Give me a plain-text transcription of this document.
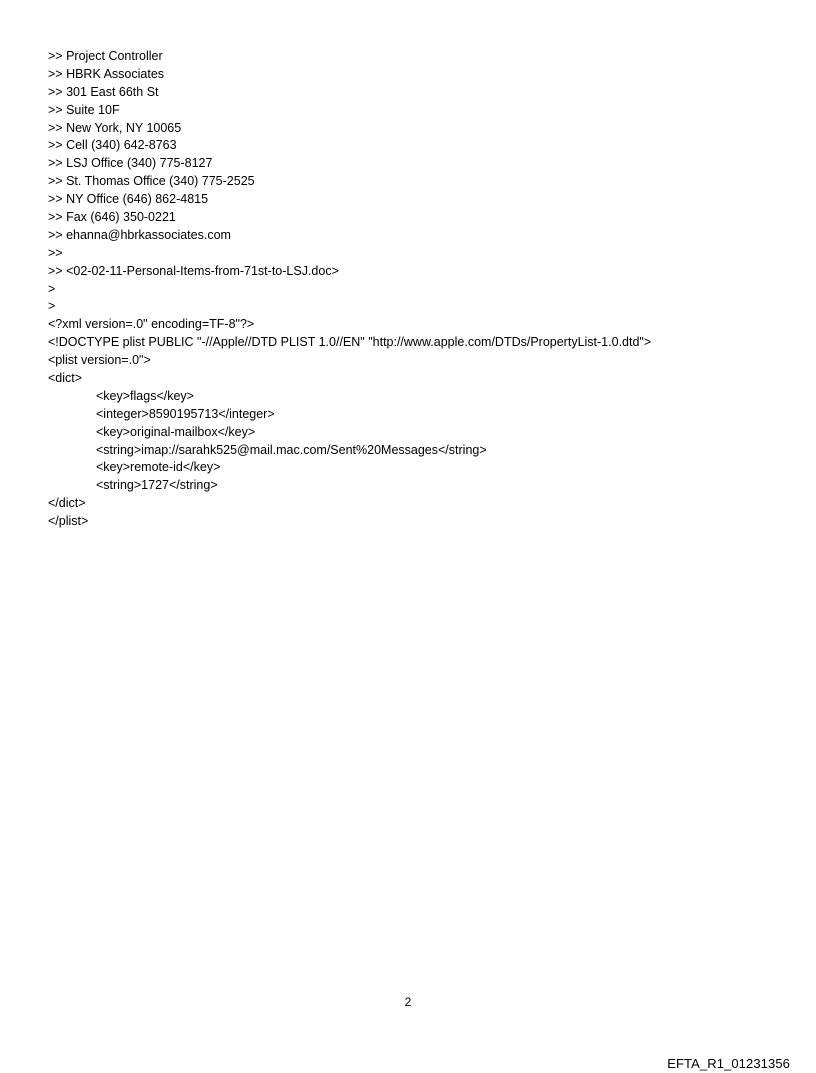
>> Project Controller
>> HBRK Associates
>> 301 East 66th St
>> Suite 10F
>> New York, NY 10065
>> Cell (340) 642-8763
>> LSJ Office (340) 775-8127
>> St. Thomas Office (340) 775-2525
>> NY Office (646) 862-4815
>> Fax (646) 350-0221
>> ehanna@hbrkassociates.com
>>
>> <02-02-11-Personal-Items-from-71st-to-LSJ.doc>
>
>
<?xml version=.0" encoding=TF-8"?>
<!DOCTYPE plist PUBLIC "-//Apple//DTD PLIST 1.0//EN" "http://www.apple.com/DTDs/PropertyList-1.0.dtd">
<plist version=.0">
<dict>
<key>flags</key>
<integer>8590195713</integer>
<key>original-mailbox</key>
<string>imap://sarahk525@mail.mac.com/Sent%20Messages</string>
<key>remote-id</key>
<string>1727</string>
</dict>
</plist>
2
EFTA_R1_01231356
